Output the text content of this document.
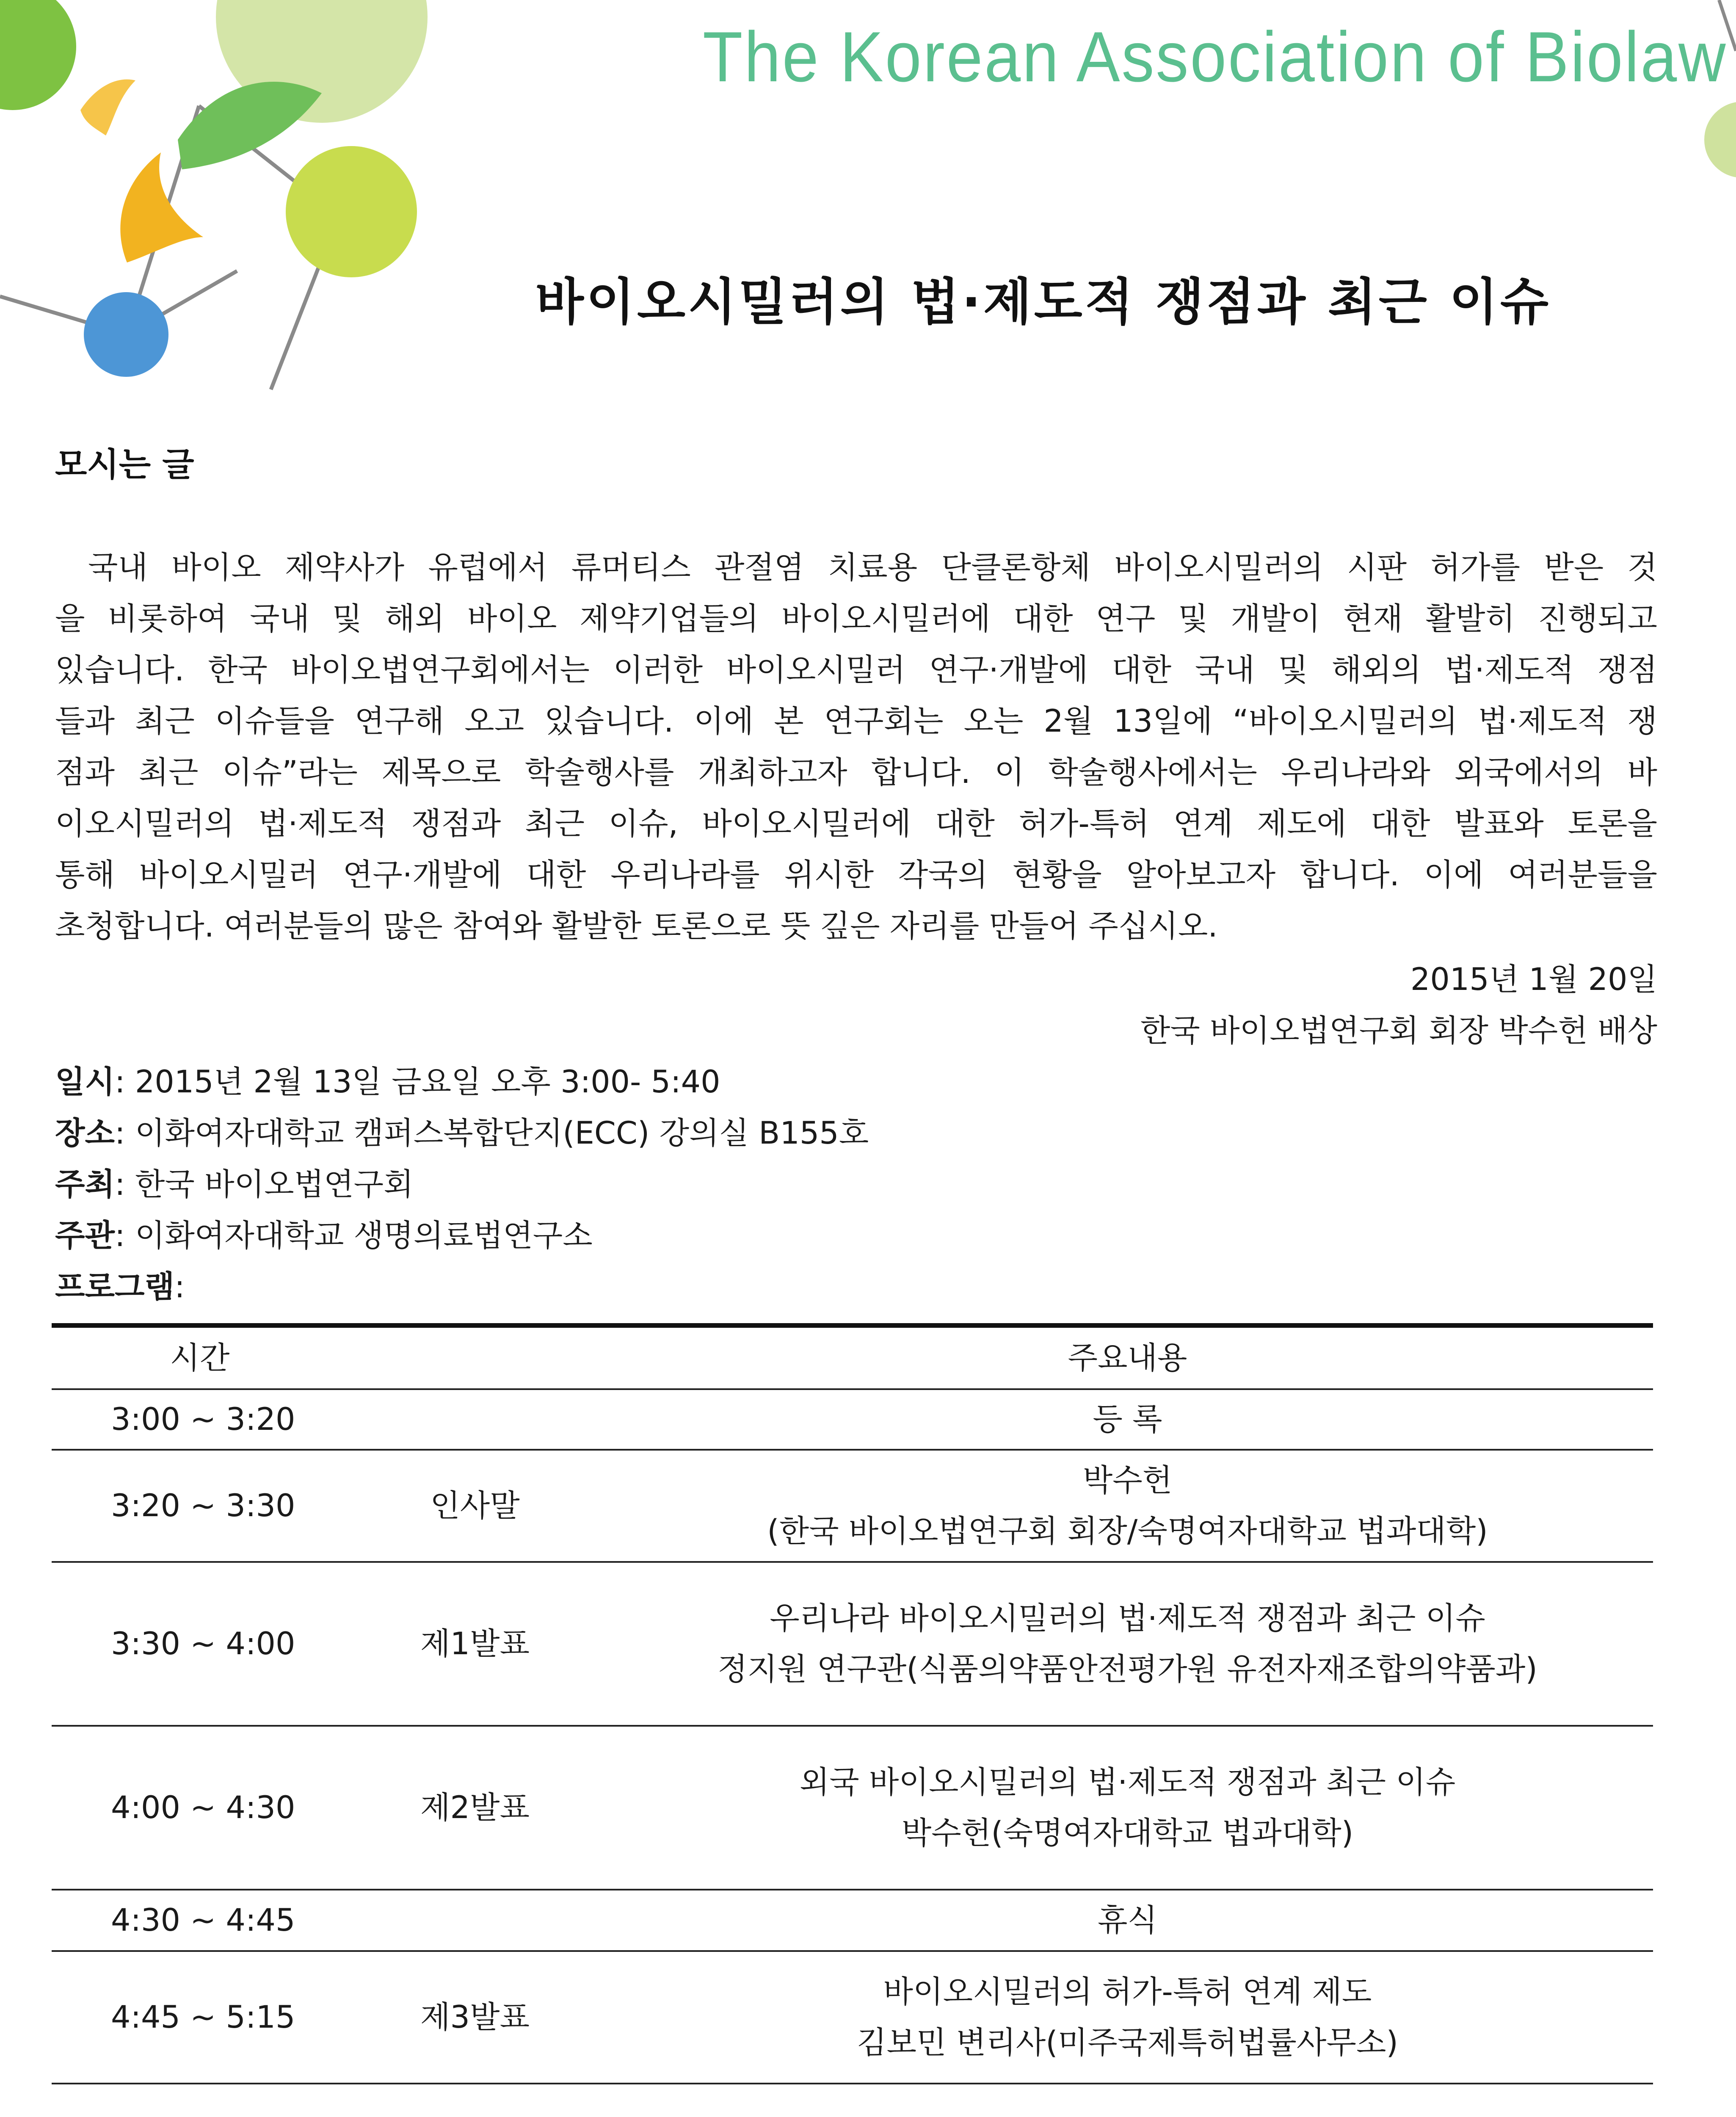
The Korean Association of Biolaw
바이오시밀러의 법·제도적 쟁점과 최근 이슈
모시는 글
국내 바이오 제약사가 유럽에서 류머티스 관절염 치료용 단클론항체 바이오시밀러의 시판 허가를 받은 것
을 비롯하여 국내 및 해외 바이오 제약기업들의 바이오시밀러에 대한 연구 및 개발이 현재 활발히 진행되고
있습니다. 한국 바이오법연구회에서는 이러한 바이오시밀러 연구·개발에 대한 국내 및 해외의 법·제도적 쟁점
들과 최근 이슈들을 연구해 오고 있습니다. 이에 본 연구회는 오는 2월 13일에 “바이오시밀러의 법·제도적 쟁
점과 최근 이슈”라는 제목으로 학술행사를 개최하고자 합니다. 이 학술행사에서는 우리나라와 외국에서의 바
이오시밀러의 법·제도적 쟁점과 최근 이슈, 바이오시밀러에 대한 허가-특허 연계 제도에 대한 발표와 토론을
통해 바이오시밀러 연구·개발에 대한 우리나라를 위시한 각국의 현황을 알아보고자 합니다. 이에 여러분들을
초청합니다. 여러분들의 많은 참여와 활발한 토론으로 뜻 깊은 자리를 만들어 주십시오.
2015년 1월 20일
한국 바이오법연구회 회장 박수헌 배상
일시: 2015년 2월 13일 금요일 오후 3:00- 5:40
장소: 이화여자대학교 캠퍼스복합단지(ECC) 강의실 B155호
주최: 한국 바이오법연구회
주관: 이화여자대학교 생명의료법연구소
프로그램:
시간		주요내용
3:00 ~ 3:20		등 록

3:20 ~ 3:30	인사말	박수헌
(한국 바이오법연구회 회장/숙명여자대학교 법과대학)

3:30 ~ 4:00	제1발표	우리나라 바이오시밀러의 법·제도적 쟁점과 최근 이슈
정지원 연구관(식품의약품안전평가원 유전자재조합의약품과)

4:00 ~ 4:30	제2발표	외국 바이오시밀러의 법·제도적 쟁점과 최근 이슈
박수헌(숙명여자대학교 법과대학)

4:30 ~ 4:45		휴식

4:45 ~ 5:15	제3발표	바이오시밀러의 허가-특허 연계 제도
김보민 변리사(미주국제특허법률사무소)
